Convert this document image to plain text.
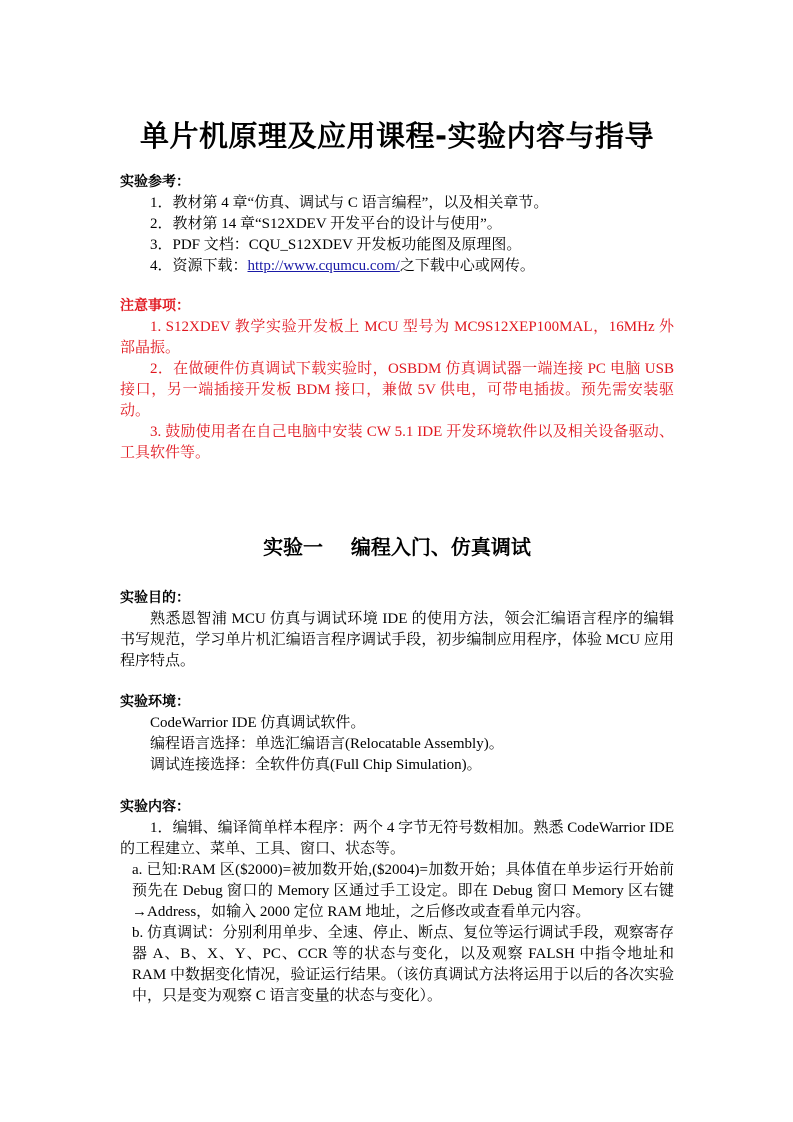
单片机原理及应用课程-实验内容与指导
实验参考：
1．教材第 4 章“仿真、调试与 C 语言编程”，以及相关章节。
2．教材第 14 章“S12XDEV 开发平台的设计与使用”。
3．PDF 文档：CQU_S12XDEV 开发板功能图及原理图。
4．资源下载：http://www.cqumcu.com/之下载中心或网传。
注意事项：
1. S12XDEV 教学实验开发板上 MCU 型号为 MC9S12XEP100MAL，16MHz 外部晶振。
2．在做硬件仿真调试下载实验时，OSBDM 仿真调试器一端连接 PC 电脑 USB 接口，另一端插接开发板 BDM 接口，兼做 5V 供电，可带电插拔。预先需安装驱动。
3. 鼓励使用者在自己电脑中安装 CW 5.1 IDE 开发环境软件以及相关设备驱动、工具软件等。
实验一    编程入门、仿真调试
实验目的：
熟悉恩智浦 MCU 仿真与调试环境 IDE 的使用方法，领会汇编语言程序的编辑书写规范，学习单片机汇编语言程序调试手段，初步编制应用程序，体验 MCU 应用程序特点。
实验环境：
CodeWarrior IDE 仿真调试软件。
编程语言选择：单选汇编语言(Relocatable Assembly)。
调试连接选择：全软件仿真(Full Chip Simulation)。
实验内容：
1．编辑、编译简单样本程序：两个 4 字节无符号数相加。熟悉 CodeWarrior IDE 的工程建立、菜单、工具、窗口、状态等。
a. 已知:RAM 区($2000)=被加数开始,($2004)=加数开始；具体值在单步运行开始前预先在 Debug 窗口的 Memory 区通过手工设定。即在 Debug 窗口 Memory 区右键→Address，如输入 2000 定位 RAM 地址，之后修改或查看单元内容。
b. 仿真调试：分别利用单步、全速、停止、断点、复位等运行调试手段，观察寄存器 A、B、X、Y、PC、CCR 等的状态与变化，以及观察 FALSH 中指令地址和 RAM 中数据变化情况，验证运行结果。（该仿真调试方法将运用于以后的各次实验中，只是变为观察 C 语言变量的状态与变化）。
